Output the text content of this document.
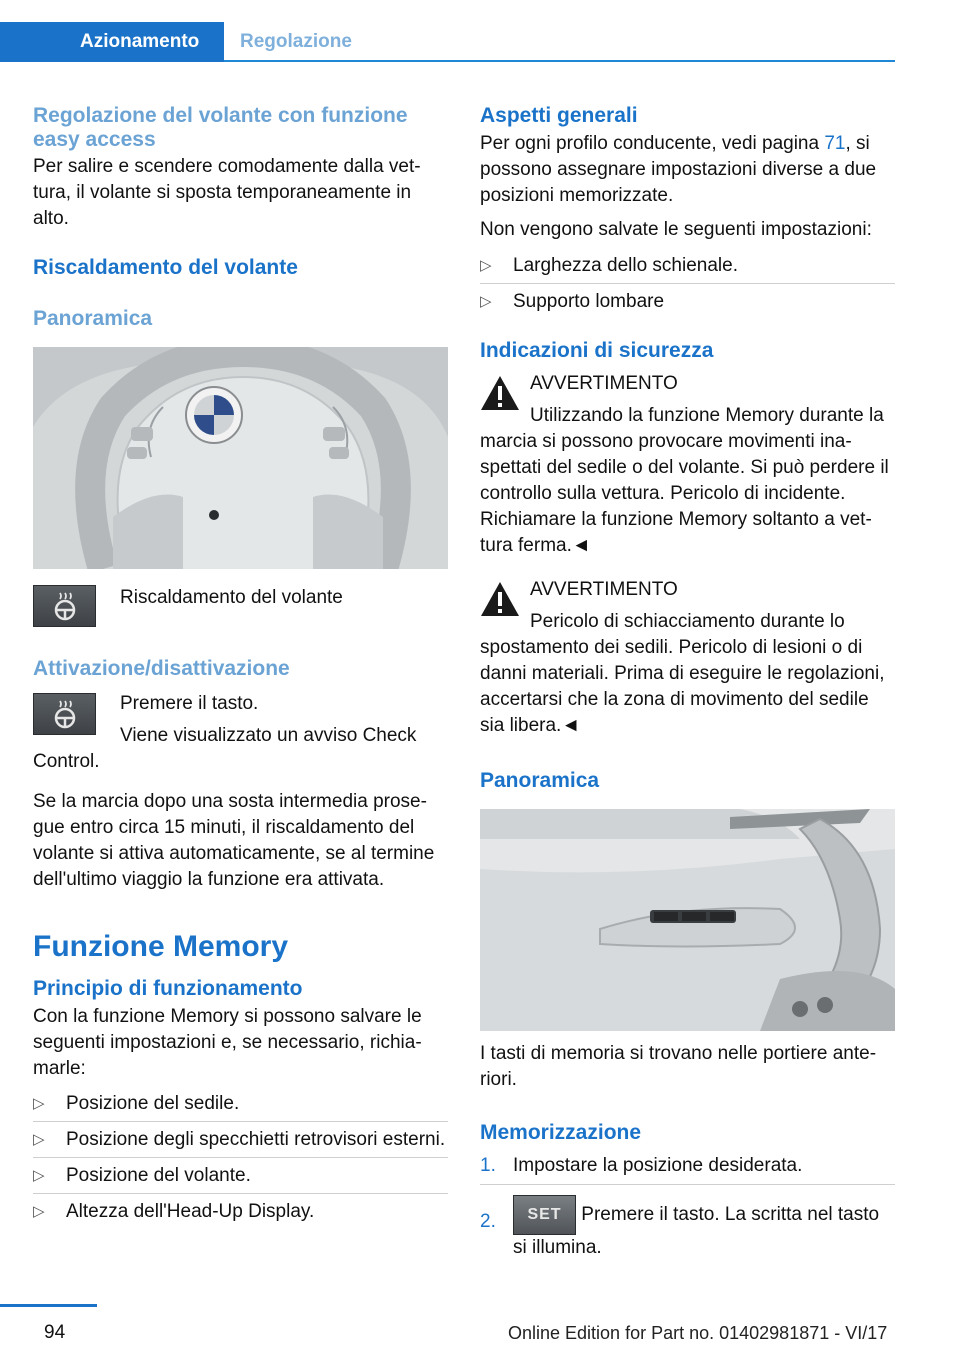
Azionamento	Regolazione
Regolazione del volante con funzione easy access

Per salire e scendere comodamente dalla vettura, il volante si sposta temporaneamente in alto.

Riscaldamento del volante
Panoramica

Riscaldamento del volante

Attivazione/disattivazione

Premere il tasto.

Viene visualizzato un avviso Check Control.

Se la marcia dopo una sosta intermedia prosegue entro circa 15 minuti, il riscaldamento del volante si attiva automaticamente, se al termine dell'ultimo viaggio la funzione era attivata.

Funzione Memory
Principio di funzionamento

Con la funzione Memory si possono salvare le seguenti impostazioni e, se necessario, richiamarle:

▷ Posizione del sedile.
▷ Posizione degli specchietti retrovisori esterni.
▷ Posizione del volante.
▷ Altezza dell'Head-Up Display.
Aspetti generali

Per ogni profilo conducente, vedi pagina 71, si possono assegnare impostazioni diverse a due posizioni memorizzate.

Non vengono salvate le seguenti impostazioni:

▷ Larghezza dello schienale.
▷ Supporto lombare
Indicazioni di sicurezza

AVVERTIMENTO

Utilizzando la funzione Memory durante la marcia si possono provocare movimenti inaspettati del sedile o del volante. Si può perdere il controllo sulla vettura. Pericolo di incidente. Richiamare la funzione Memory soltanto a vettura ferma.◄

AVVERTIMENTO

Pericolo di schiacciamento durante lo spostamento dei sedili. Pericolo di lesioni o di danni materiali. Prima di eseguire le regolazioni, accertarsi che la zona di movimento del sedile sia libera.◄

Panoramica

I tasti di memoria si trovano nelle portiere anteriori.

Memorizzazione
1. Impostare la posizione desiderata.
2. SET Premere il tasto. La scritta nel tasto si illumina.
94	Online Edition for Part no. 01402981871 - VI/17
